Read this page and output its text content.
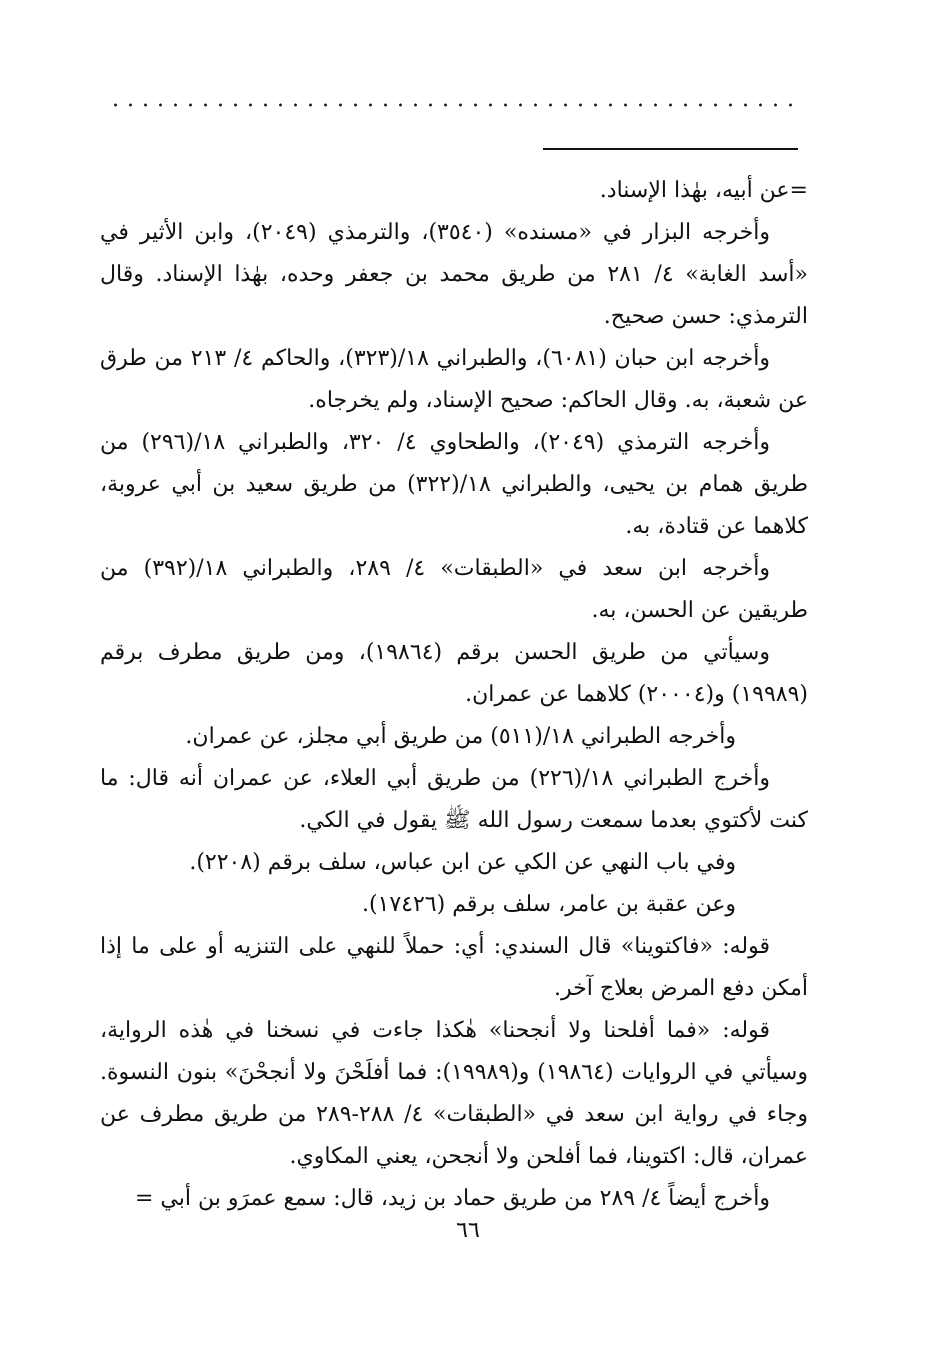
=عن أبيه، بهٰذا الإسناد.

وأخرجه البزار في «مسنده» (٣٥٤٠)، والترمذي (٢٠٤٩)، وابن الأثير في «أسد الغابة» ٤/ ٢٨١ من طريق محمد بن جعفر وحده، بهٰذا الإسناد. وقال الترمذي: حسن صحيح.

وأخرجه ابن حبان (٦٠٨١)، والطبراني ١٨/(٣٢٣)، والحاكم ٤/ ٢١٣ من طرق عن شعبة، به. وقال الحاكم: صحيح الإسناد، ولم يخرجاه.

وأخرجه الترمذي (٢٠٤٩)، والطحاوي ٤/ ٣٢٠، والطبراني ١٨/(٢٩٦) من طريق همام بن يحيى، والطبراني ١٨/(٣٢٢) من طريق سعيد بن أبي عروبة، كلاهما عن قتادة، به.

وأخرجه ابن سعد في «الطبقات» ٤/ ٢٨٩، والطبراني ١٨/(٣٩٢) من طريقين عن الحسن، به.

وسيأتي من طريق الحسن برقم (١٩٨٦٤)، ومن طريق مطرف برقم (١٩٩٨٩) و(٢٠٠٠٤) كلاهما عن عمران.

وأخرجه الطبراني ١٨/(٥١١) من طريق أبي مجلز، عن عمران.

وأخرج الطبراني ١٨/(٢٢٦) من طريق أبي العلاء، عن عمران أنه قال: ما كنت لأكتوي بعدما سمعت رسول الله ﷺ يقول في الكي.

وفي باب النهي عن الكي عن ابن عباس، سلف برقم (٢٢٠٨).

وعن عقبة بن عامر، سلف برقم (١٧٤٢٦).

قوله: «فاكتوينا» قال السندي: أي: حملاً للنهي على التنزيه أو على ما إذا أمكن دفع المرض بعلاج آخر.

قوله: «فما أفلحنا ولا أنجحنا» هٰكذا جاءت في نسخنا في هٰذه الرواية، وسيأتي في الروايات (١٩٨٦٤) و(١٩٩٨٩): فما أفلَحْنَ ولا أنجحْنَ» بنون النسوة. وجاء في رواية ابن سعد في «الطبقات» ٤/ ٢٨٨-٢٨٩ من طريق مطرف عن عمران، قال: اكتوينا، فما أفلحن ولا أنجحن، يعني المكاوي.

وأخرج أيضاً ٤/ ٢٨٩ من طريق حماد بن زيد، قال: سمع عمرَو بن أبي =

٦٦
